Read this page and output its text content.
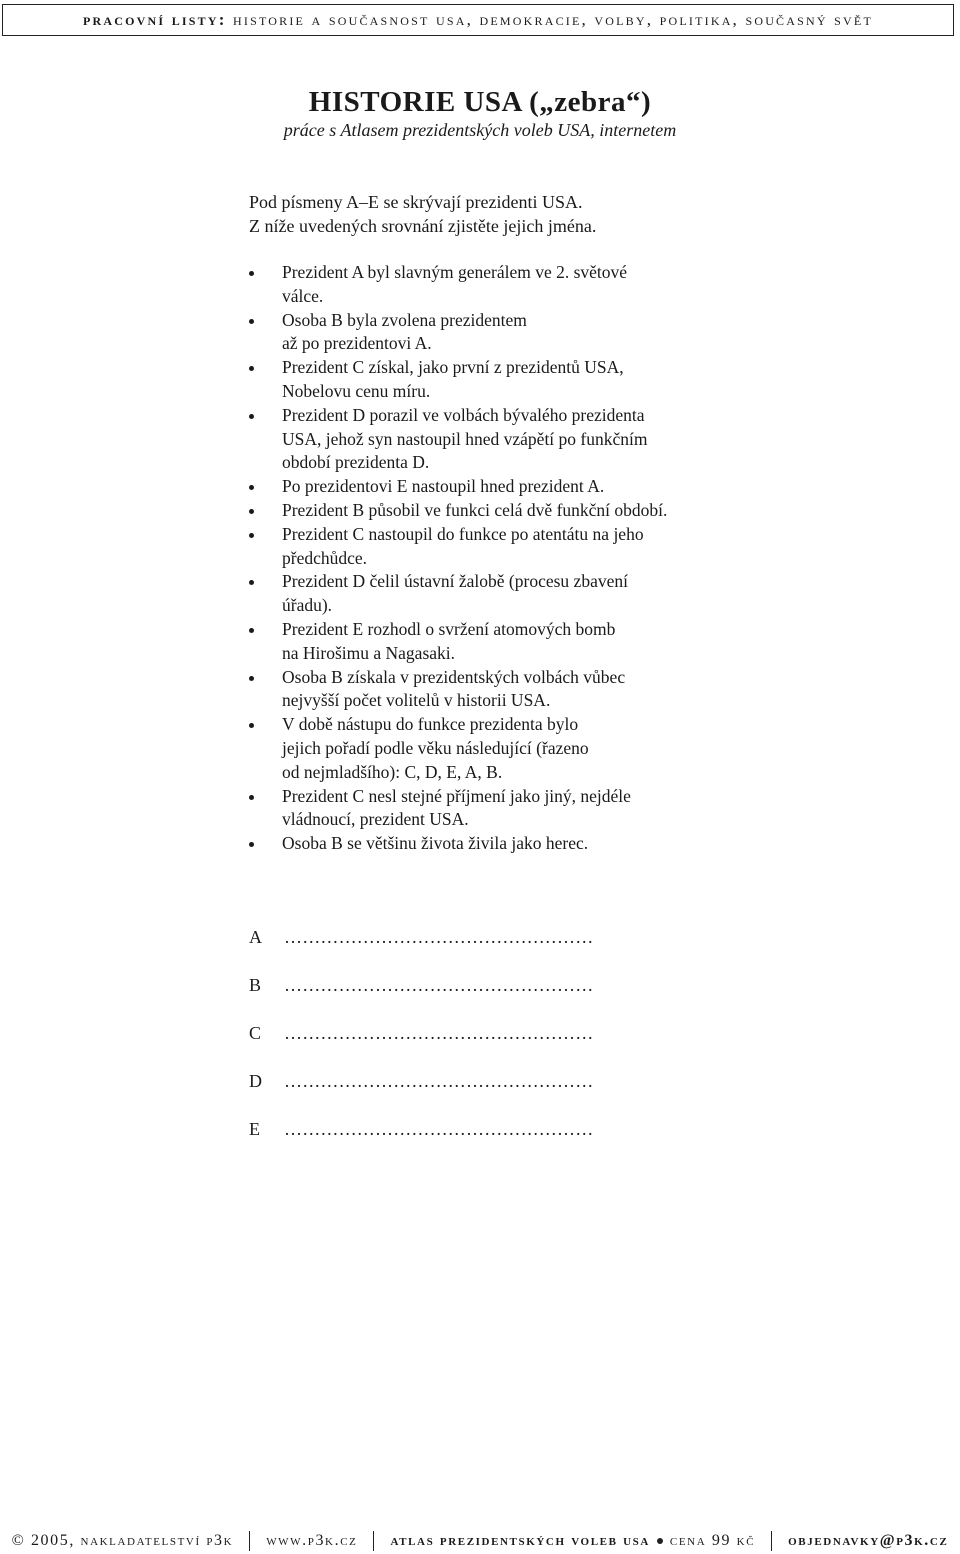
pracovní listy: historie a současnost usa, demokracie, volby, politika, současný svět
HISTORIE USA („zebra“)
práce s Atlasem prezidentských voleb USA, internetem

Pod písmeny A–E se skrývají prezidenti USA.
Z níže uvedených srovnání zjistěte jejich jména.

Prezident A byl slavným generálem ve 2. světové
válce.
Osoba B byla zvolena prezidentem
až po prezidentovi A.
Prezident C získal, jako první z prezidentů USA,
Nobelovu cenu míru.
Prezident D porazil ve volbách bývalého prezidenta
USA, jehož syn nastoupil hned vzápětí po funkčním
období prezidenta D.
Po prezidentovi E nastoupil hned prezident A.
Prezident B působil ve funkci celá dvě funkční období.
Prezident C nastoupil do funkce po atentátu na jeho
předchůdce.
Prezident D čelil ústavní žalobě (procesu zbavení
úřadu).
Prezident E rozhodl o svržení atomových bomb
na Hirošimu a Nagasaki.
Osoba B získala v prezidentských volbách vůbec
nejvyšší počet volitelů v historii USA.
V době nástupu do funkce prezidenta bylo
jejich pořadí podle věku následující (řazeno
od nejmladšího): C, D, E, A, B.
Prezident C nesl stejné příjmení jako jiný, nejdéle
vládnoucí, prezident USA.
Osoba B se většinu života živila jako herec.
A	……………………………………………
B	……………………………………………
C	……………………………………………
D	……………………………………………
E	……………………………………………
© 2005, nakladatelství p3k www.p3k.cz atlas prezidentských voleb usa cena 99 kč objednavky@p3k.cz
